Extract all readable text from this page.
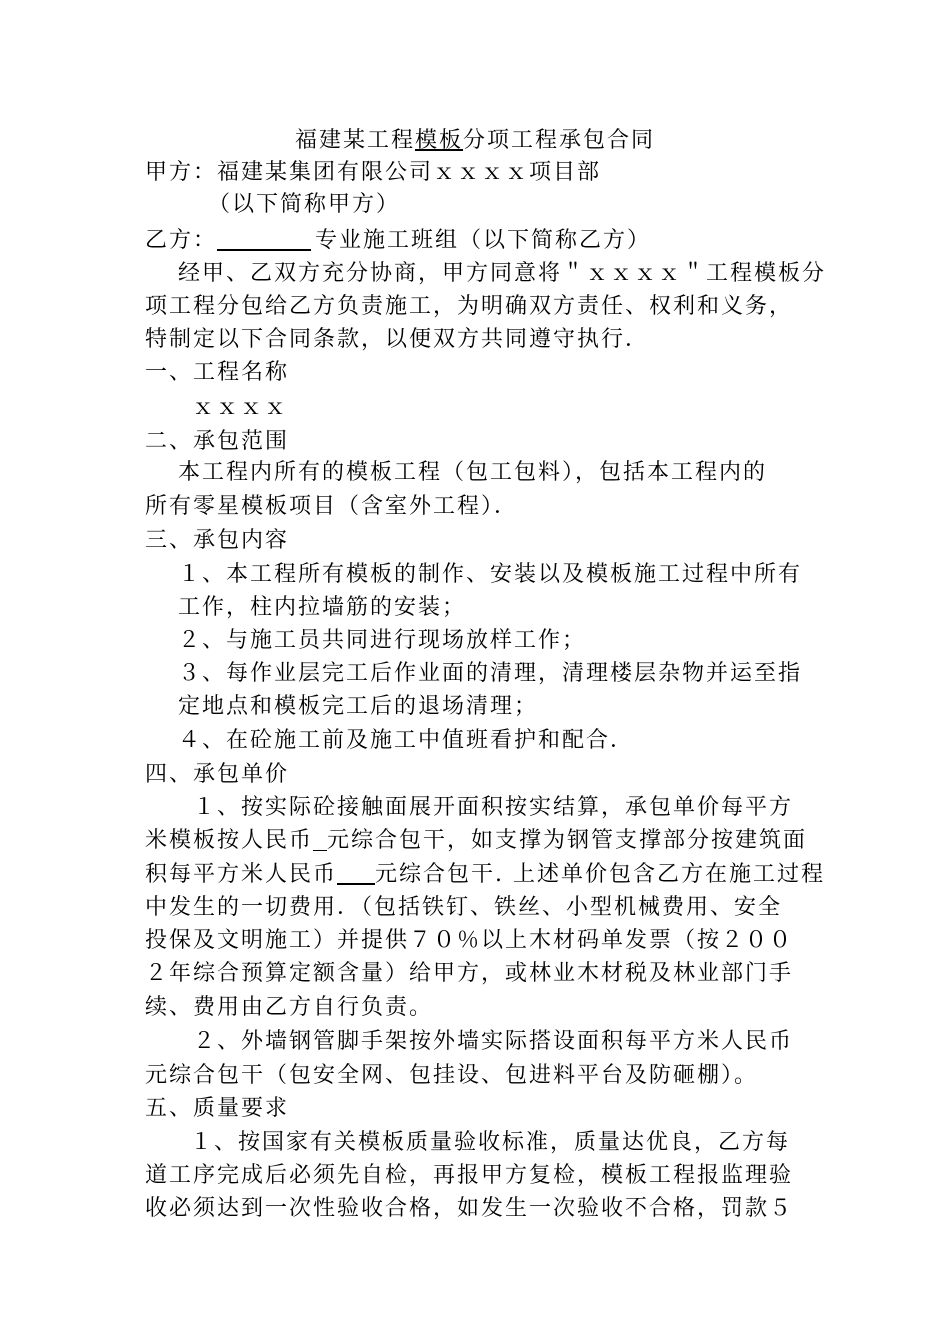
福建某工程模板分项工程承包合同
甲方：福建某集团有限公司ｘｘｘｘ项目部
（以下简称甲方）
乙方：	专业施工班组（以下简称乙方）
经甲、乙双方充分协商，甲方同意将＂ｘｘｘｘ＂工程模板分
项工程分包给乙方负责施工，为明确双方责任、权利和义务，
特制定以下合同条款，以便双方共同遵守执行．
一、工程名称
ｘｘｘｘ
二、承包范围
本工程内所有的模板工程（包工包料），包括本工程内的
所有零星模板项目（含室外工程）．
三、承包内容
１、本工程所有模板的制作、安装以及模板施工过程中所有
工作，柱内拉墙筋的安装；
２、与施工员共同进行现场放样工作；
３、每作业层完工后作业面的清理，清理楼层杂物并运至指
定地点和模板完工后的退场清理；
４、在砼施工前及施工中值班看护和配合．
四、承包单价
１、按实际砼接触面展开面积按实结算，承包单价每平方
米模板按人民币 元综合包干，如支撑为钢管支撑部分按建筑面
积每平方米人民币 元综合包干. 上述单价包含乙方在施工过程
中发生的一切费用．（包括铁钉、铁丝、小型机械费用、安全
投保及文明施工）并提供７０％以上木材码单发票（按２００
２年综合预算定额含量）给甲方，或林业木材税及林业部门手
续、费用由乙方自行负责。
２、外墙钢管脚手架按外墙实际搭设面积每平方米人民币
元综合包干（包安全网、包挂设、包进料平台及防砸棚）。
五、质量要求
１、按国家有关模板质量验收标准，质量达优良，乙方每
道工序完成后必须先自检，再报甲方复检，模板工程报监理验
收必须达到一次性验收合格，如发生一次验收不合格，罚款５
